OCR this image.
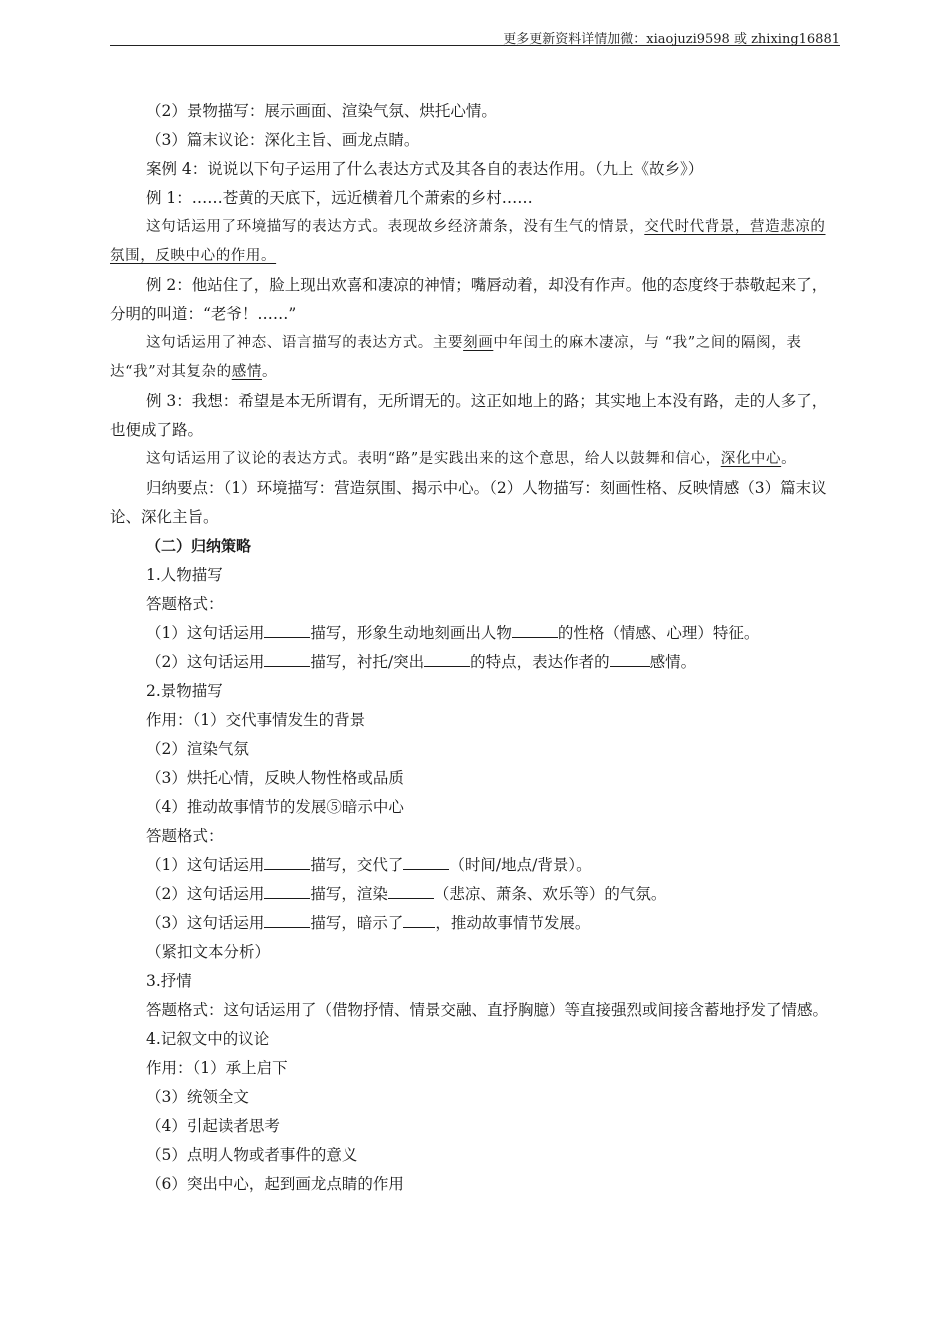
更多更新资料详情加微：xiaojuzi9598 或 zhixing16881

（2）景物描写：展示画面、渲染气氛、烘托心情。

（3）篇末议论：深化主旨、画龙点睛。

案例 4：说说以下句子运用了什么表达方式及其各自的表达作用。（九上《故乡》）

例 1：……苍黄的天底下，远近横着几个萧索的乡村……

这句话运用了环境描写的表达方式。表现故乡经济萧条，没有生气的情景，交代时代背景，营造悲凉的氛围，反映中心的作用。

例 2：他站住了，脸上现出欢喜和凄凉的神情；嘴唇动着，却没有作声。他的态度终于恭敬起来了，分明的叫道：“老爷！……”

这句话运用了神态、语言描写的表达方式。主要刻画中年闰土的麻木凄凉，与 “我”之间的隔阂，表达“我”对其复杂的感情。

例 3：我想：希望是本无所谓有，无所谓无的。这正如地上的路；其实地上本没有路，走的人多了，也便成了路。

这句话运用了议论的表达方式。表明“路”是实践出来的这个意思，给人以鼓舞和信心，深化中心。

归纳要点：（1）环境描写：营造氛围、揭示中心。（2）人物描写：刻画性格、反映情感（3）篇末议论、深化主旨。

（二）归纳策略

1.人物描写

答题格式：

（1）这句话运用	描写，形象生动地刻画出人物	的性格（情感、心理）特征。

（2）这句话运用	描写，衬托/突出	的特点，表达作者的	感情。

2.景物描写

作用：（1）交代事情发生的背景

（2）渲染气氛

（3）烘托心情，反映人物性格或品质

（4）推动故事情节的发展⑤暗示中心

答题格式：

（1）这句话运用	描写，交代了	（时间/地点/背景）。

（2）这句话运用	描写，渲染	（悲凉、萧条、欢乐等）的气氛。

（3）这句话运用	描写，暗示了 ，推动故事情节发展。

（紧扣文本分析）

3.抒情

答题格式：这句话运用了（借物抒情、情景交融、直抒胸臆）等直接强烈或间接含蓄地抒发了情感。

4.记叙文中的议论

作用：（1）承上启下

（3）统领全文

（4）引起读者思考

（5）点明人物或者事件的意义

（6）突出中心，起到画龙点睛的作用
